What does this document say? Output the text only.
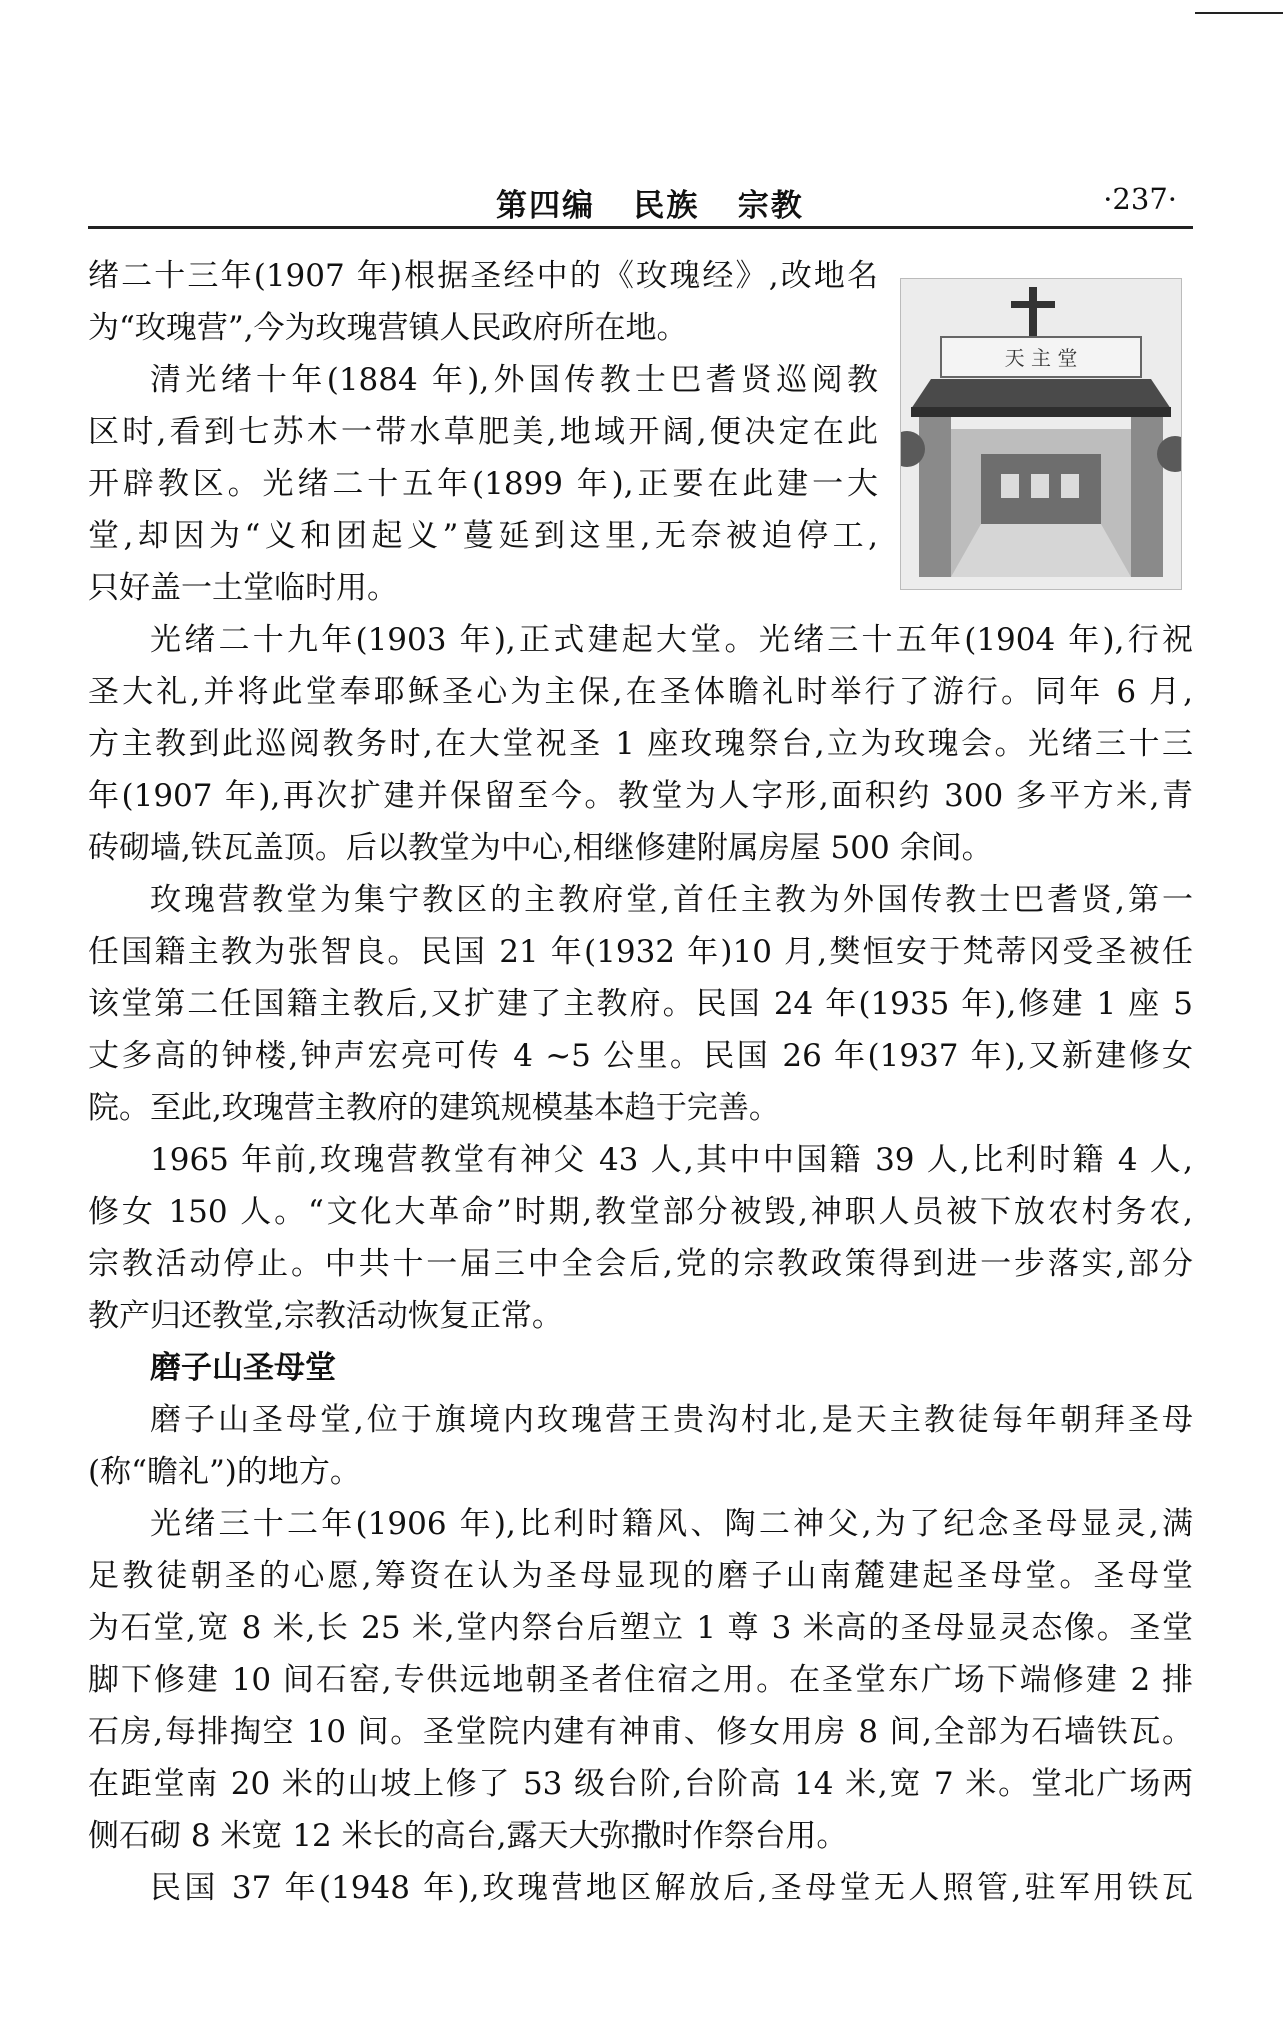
第四编   民族   宗教	·237·
天 主 堂
绪二十三年(1907 年)根据圣经中的《玫瑰经》,改地名
为“玫瑰营”,今为玫瑰营镇人民政府所在地。
清光绪十年(1884 年),外国传教士巴耆贤巡阅教
区时,看到七苏木一带水草肥美,地域开阔,便决定在此
开辟教区。光绪二十五年(1899 年),正要在此建一大
堂,却因为“义和团起义”蔓延到这里,无奈被迫停工,
只好盖一土堂临时用。
光绪二十九年(1903 年),正式建起大堂。光绪三十五年(1904 年),行祝
圣大礼,并将此堂奉耶稣圣心为主保,在圣体瞻礼时举行了游行。同年 6 月,
方主教到此巡阅教务时,在大堂祝圣 1 座玫瑰祭台,立为玫瑰会。光绪三十三
年(1907 年),再次扩建并保留至今。教堂为人字形,面积约 300 多平方米,青
砖砌墙,铁瓦盖顶。后以教堂为中心,相继修建附属房屋 500 余间。
玫瑰营教堂为集宁教区的主教府堂,首任主教为外国传教士巴耆贤,第一
任国籍主教为张智良。民国 21 年(1932 年)10 月,樊恒安于梵蒂冈受圣被任
该堂第二任国籍主教后,又扩建了主教府。民国 24 年(1935 年),修建 1 座 5
丈多高的钟楼,钟声宏亮可传 4 ~5 公里。民国 26 年(1937 年),又新建修女
院。至此,玫瑰营主教府的建筑规模基本趋于完善。
1965 年前,玫瑰营教堂有神父 43 人,其中中国籍 39 人,比利时籍 4 人,
修女 150 人。“文化大革命”时期,教堂部分被毁,神职人员被下放农村务农,
宗教活动停止。中共十一届三中全会后,党的宗教政策得到进一步落实,部分
教产归还教堂,宗教活动恢复正常。
磨子山圣母堂
磨子山圣母堂,位于旗境内玫瑰营王贵沟村北,是天主教徒每年朝拜圣母
(称“瞻礼”)的地方。
光绪三十二年(1906 年),比利时籍风、陶二神父,为了纪念圣母显灵,满
足教徒朝圣的心愿,筹资在认为圣母显现的磨子山南麓建起圣母堂。圣母堂
为石堂,宽 8 米,长 25 米,堂内祭台后塑立 1 尊 3 米高的圣母显灵态像。圣堂
脚下修建 10 间石窑,专供远地朝圣者住宿之用。在圣堂东广场下端修建 2 排
石房,每排掏空 10 间。圣堂院内建有神甫、修女用房 8 间,全部为石墙铁瓦。
在距堂南 20 米的山坡上修了 53 级台阶,台阶高 14 米,宽 7 米。堂北广场两
侧石砌 8 米宽 12 米长的高台,露天大弥撒时作祭台用。
民国 37 年(1948 年),玫瑰营地区解放后,圣母堂无人照管,驻军用铁瓦
